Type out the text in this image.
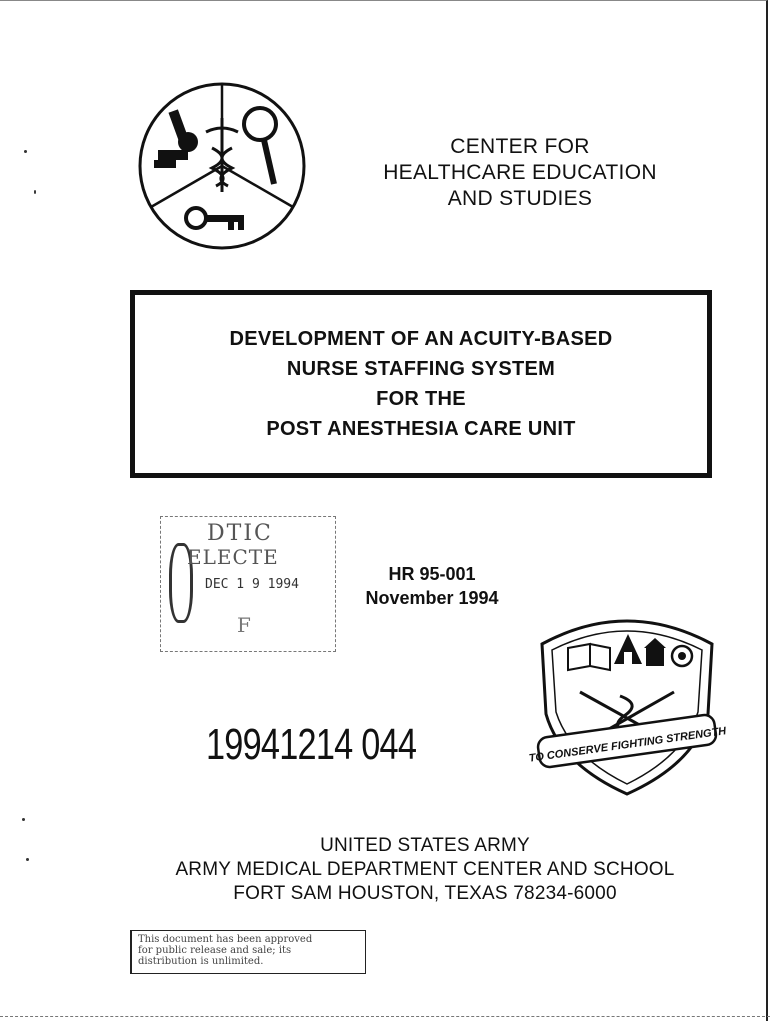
CENTER FOR
HEALTHCARE EDUCATION
AND STUDIES
DEVELOPMENT OF AN ACUITY-BASED
NURSE STAFFING SYSTEM
FOR THE
POST ANESTHESIA CARE UNIT
DTIC
ELECTE
DEC 1 9 1994
F
HR 95-001
November 1994
19941214 044	TO CONSERVE FIGHTING STRENGTH
UNITED STATES ARMY
ARMY MEDICAL DEPARTMENT CENTER AND SCHOOL
FORT SAM HOUSTON, TEXAS 78234-6000
This document has been approved
for public release and sale; its
distribution is unlimited.
